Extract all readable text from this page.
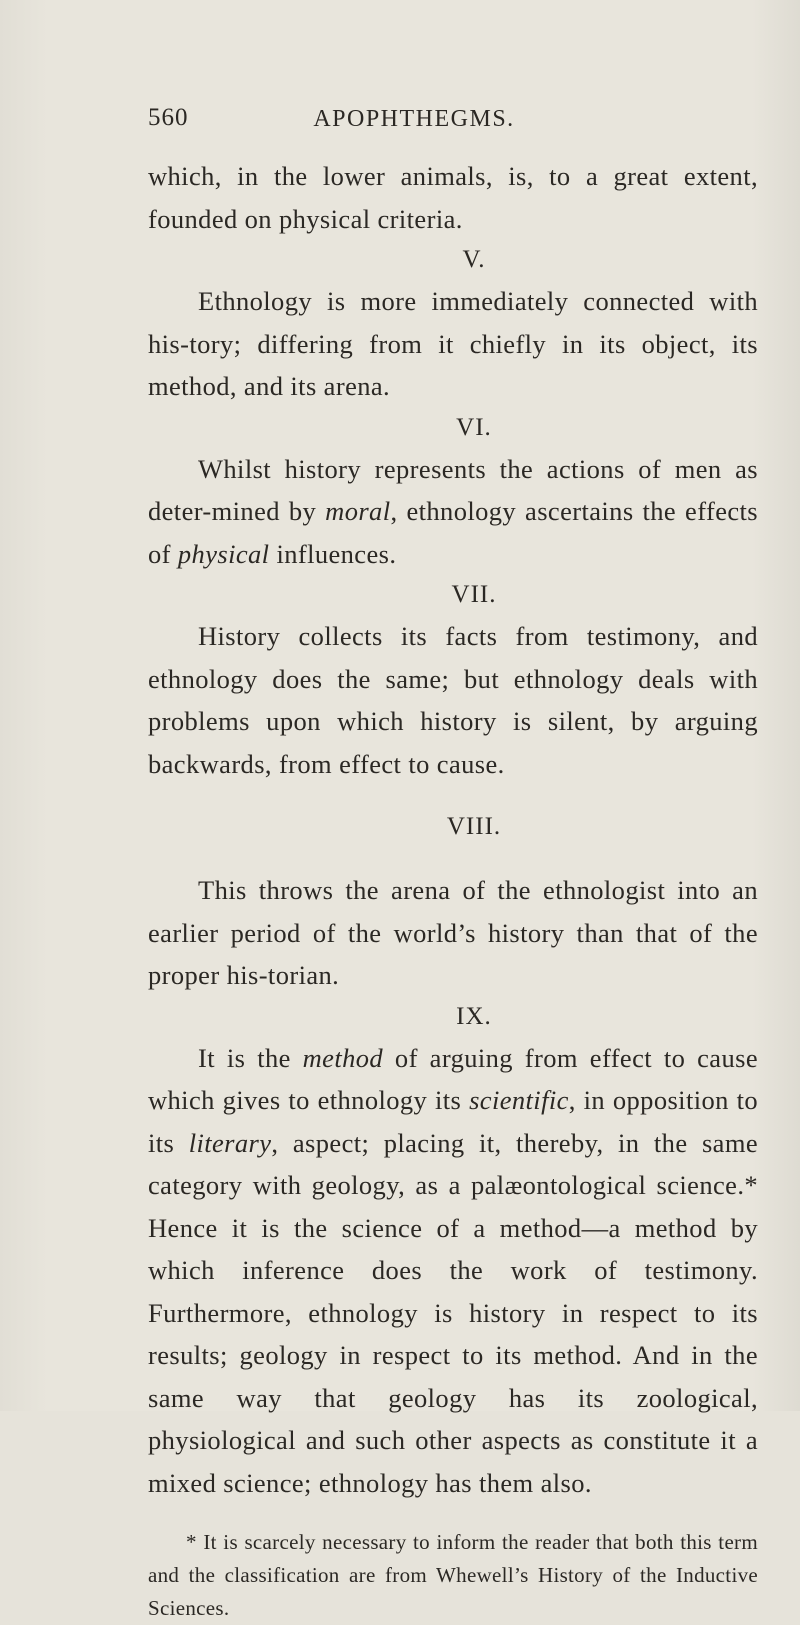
560	APOPHTHEGMS.

which, in the lower animals, is, to a great extent, founded on physical criteria.

V.

Ethnology is more immediately connected with his-tory; differing from it chiefly in its object, its method, and its arena.

VI.

Whilst history represents the actions of men as deter-mined by moral, ethnology ascertains the effects of physical influences.

VII.

History collects its facts from testimony, and ethnology does the same; but ethnology deals with problems upon which history is silent, by arguing backwards, from effect to cause.

VIII.

This throws the arena of the ethnologist into an earlier period of the world’s history than that of the proper his-torian.

IX.

It is the method of arguing from effect to cause which gives to ethnology its scientific, in opposition to its literary, aspect; placing it, thereby, in the same category with geology, as a palæontological science.* Hence it is the science of a method—a method by which inference does the work of testimony. Furthermore, ethnology is history in respect to its results; geology in respect to its method. And in the same way that geology has its zoological, physiological and such other aspects as constitute it a mixed science; ethnology has them also.

* It is scarcely necessary to inform the reader that both this term and the classification are from Whewell’s History of the Inductive Sciences.
